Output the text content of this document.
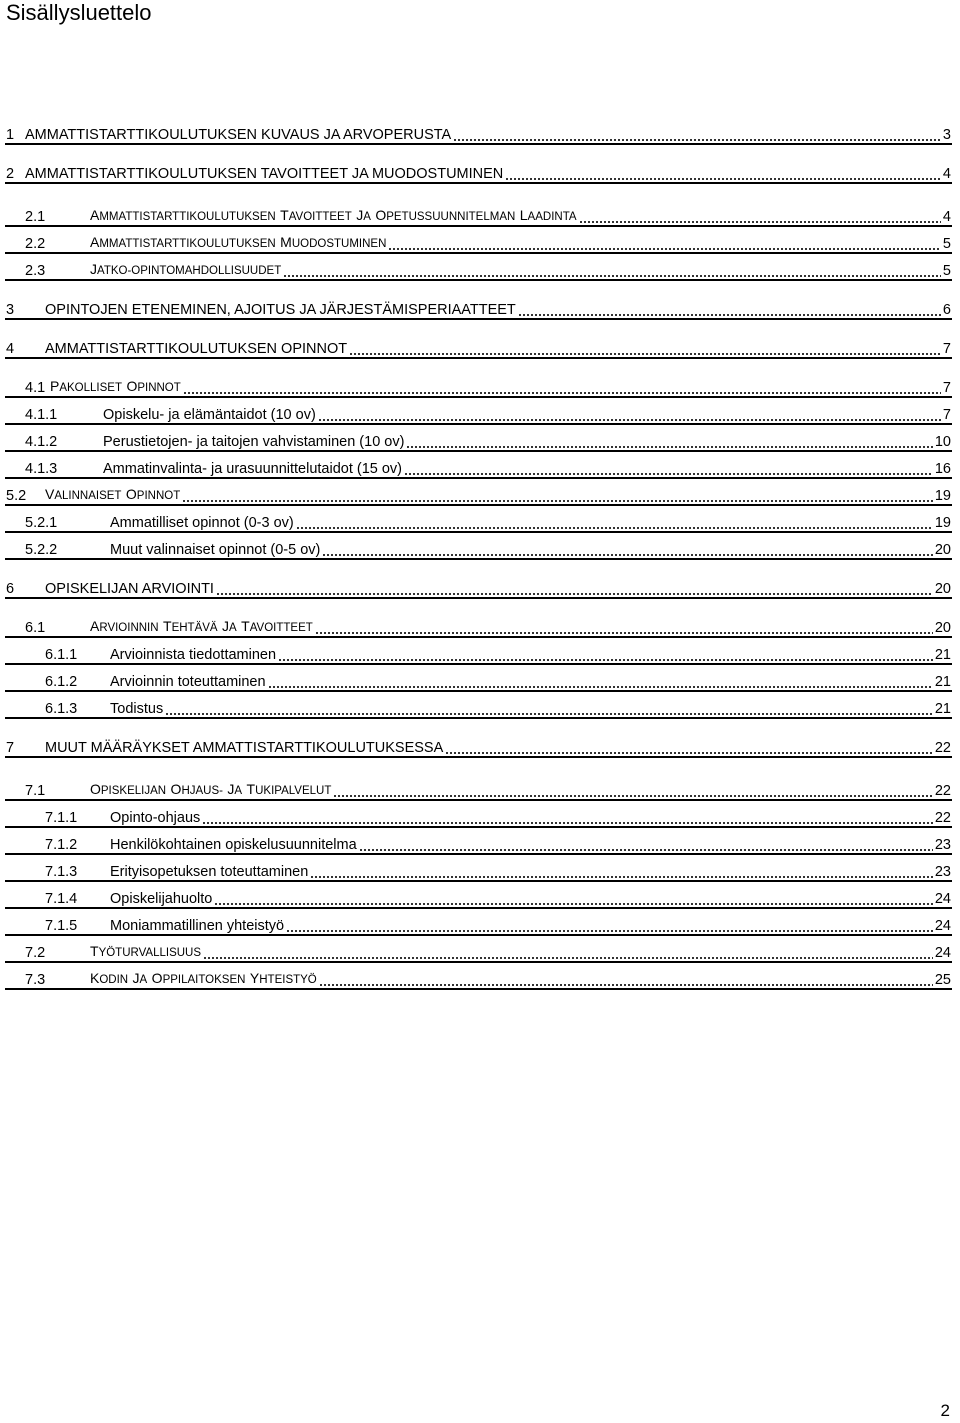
Sisällysluettelo
1 AMMATTISTARTTIKOULUTUKSEN KUVAUS JA ARVOPERUSTA	3
2 AMMATTISTARTTIKOULUTUKSEN TAVOITTEET JA MUODOSTUMINEN	4
2.1	AMMATTISTARTTIKOULUTUKSEN TAVOITTEET JA OPETUSSUUNNITELMAN LAADINTA	4
2.2	AMMATTISTARTTIKOULUTUKSEN MUODOSTUMINEN	5
2.3	JATKO-OPINTOMAHDOLLISUUDET	5
3 OPINTOJEN ETENEMINEN, AJOITUS JA JÄRJESTÄMISPERIAATTEET	6
4 AMMATTISTARTTIKOULUTUKSEN OPINNOT	7
4.1 PAKOLLISET OPINNOT	7
4.1.1	Opiskelu- ja elämäntaidot (10 ov)	7
4.1.2	Perustietojen- ja taitojen vahvistaminen (10 ov)	10
4.1.3	Ammatinvalinta- ja urasuunnittelutaidot (15 ov)	16
5.2 VALINNAISET OPINNOT	19
5.2.1	Ammatilliset opinnot (0-3 ov)	19
5.2.2	Muut valinnaiset opinnot (0-5 ov)	20
6 OPISKELIJAN ARVIOINTI	20
6.1	ARVIOINNIN TEHTÄVÄ JA TAVOITTEET	20
6.1.1 Arvioinnista tiedottaminen	21
6.1.2 Arvioinnin toteuttaminen	21
6.1.3 Todistus	21
7 MUUT MÄÄRÄYKSET AMMATTISTARTTIKOULUTUKSESSA	22
7.1	OPISKELIJAN OHJAUS- JA TUKIPALVELUT	22
7.1.1 Opinto-ohjaus	22
7.1.2 Henkilökohtainen opiskelusuunnitelma	23
7.1.3 Erityisopetuksen toteuttaminen	23
7.1.4 Opiskelijahuolto	24
7.1.5 Moniammatillinen yhteistyö	24
7.2	TYÖTURVALLISUUS	24
7.3	KODIN JA OPPILAITOKSEN YHTEISTYÖ	25
2
